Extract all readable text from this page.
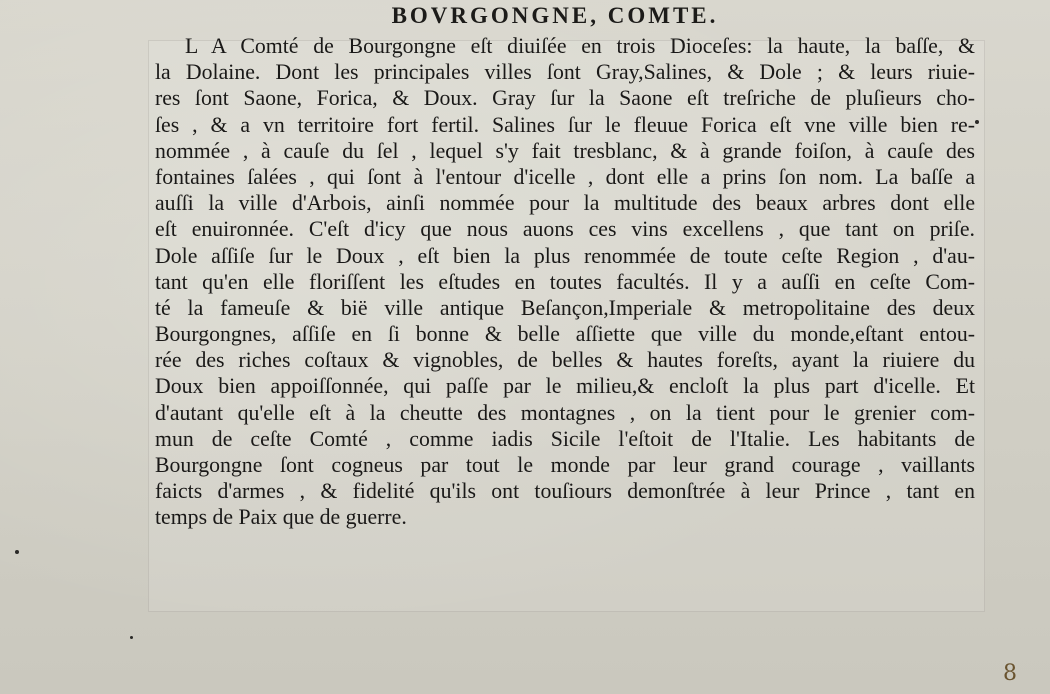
BOVRGONGNE, COMTE.
L A Comté de Bourgongne eſt diuiſée en trois Dioceſes: la haute, la baſſe, &
la Dolaine. Dont les principales villes ſont Gray,Salines, & Dole ; & leurs riuie-
res ſont Saone, Forica, & Doux. Gray ſur la Saone eſt treſriche de pluſieurs cho-
ſes , & a vn territoire fort fertil. Salines ſur le fleuue Forica eſt vne ville bien re-
nommée , à cauſe du ſel , lequel s'y fait tresblanc, & à grande foiſon, à cauſe des
fontaines ſalées , qui ſont à l'entour d'icelle , dont elle a prins ſon nom. La baſſe a
auſſi la ville d'Arbois, ainſi nommée pour la multitude des beaux arbres dont elle
eſt enuironnée. C'eſt d'icy que nous auons ces vins excellens , que tant on priſe.
Dole aſſiſe ſur le Doux , eſt bien la plus renommée de toute ceſte Region , d'au-
tant qu'en elle floriſſent les eſtudes en toutes facultés. Il y a auſſi en ceſte Com-
té la fameuſe & bië ville antique Beſançon,Imperiale & metropolitaine des deux
Bourgongnes, aſſiſe en ſi bonne & belle aſſiette que ville du monde,eſtant entou-
rée des riches coſtaux & vignobles, de belles & hautes foreſts, ayant la riuiere du
Doux bien appoiſſonnée, qui paſſe par le milieu,& encloſt la plus part d'icelle. Et
d'autant qu'elle eſt à la cheutte des montagnes , on la tient pour le grenier com-
mun de ceſte Comté , comme iadis Sicile l'eſtoit de l'Italie. Les habitants de
Bourgongne ſont cogneus par tout le monde par leur grand courage , vaillants
faicts d'armes , & fidelité qu'ils ont touſiours demonſtrée à leur Prince , tant en
temps de Paix que de guerre.
8
